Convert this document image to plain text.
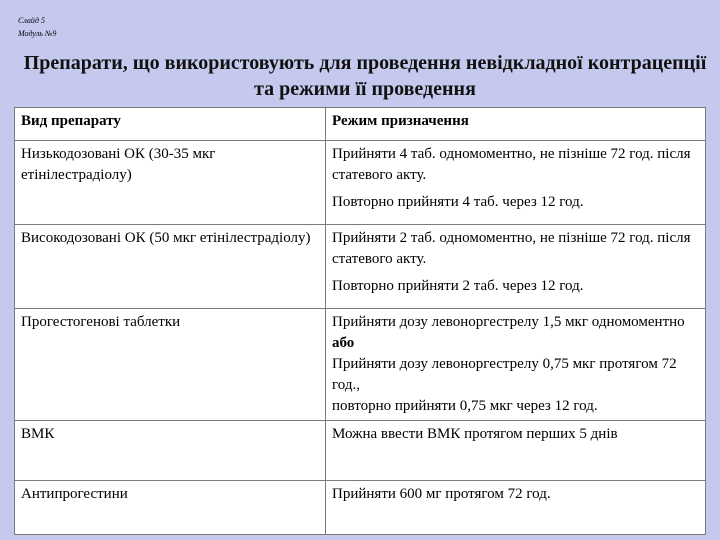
Слайд 5
Модуль №9
Препарати, що використовують для проведення невідкладної контрацепції та режими її проведення
Вид препарату	Режим призначення
Низькодозовані ОК (30-35 мкг етінілестрадіолу)	Прийняти 4 таб. одномоментно, не пізніше 72 год. після статевого акту.
Повторно прийняти 4 таб. через 12 год.

Високодозовані ОК (50 мкг етінілестрадіолу)	Прийняти 2 таб. одномоментно, не пізніше 72 год. після статевого акту.
Повторно прийняти 2 таб. через 12 год.

Прогестогенові таблетки	Прийняти дозу левоноргестрелу 1,5 мкг одномоментно або
Прийняти дозу левоноргестрелу 0,75 мкг протягом 72 год.,
повторно прийняти 0,75 мкг через 12 год.

ВМК	Можна ввести ВМК протягом перших 5 днів
Антипрогестини	Прийняти 600 мг протягом 72 год.
